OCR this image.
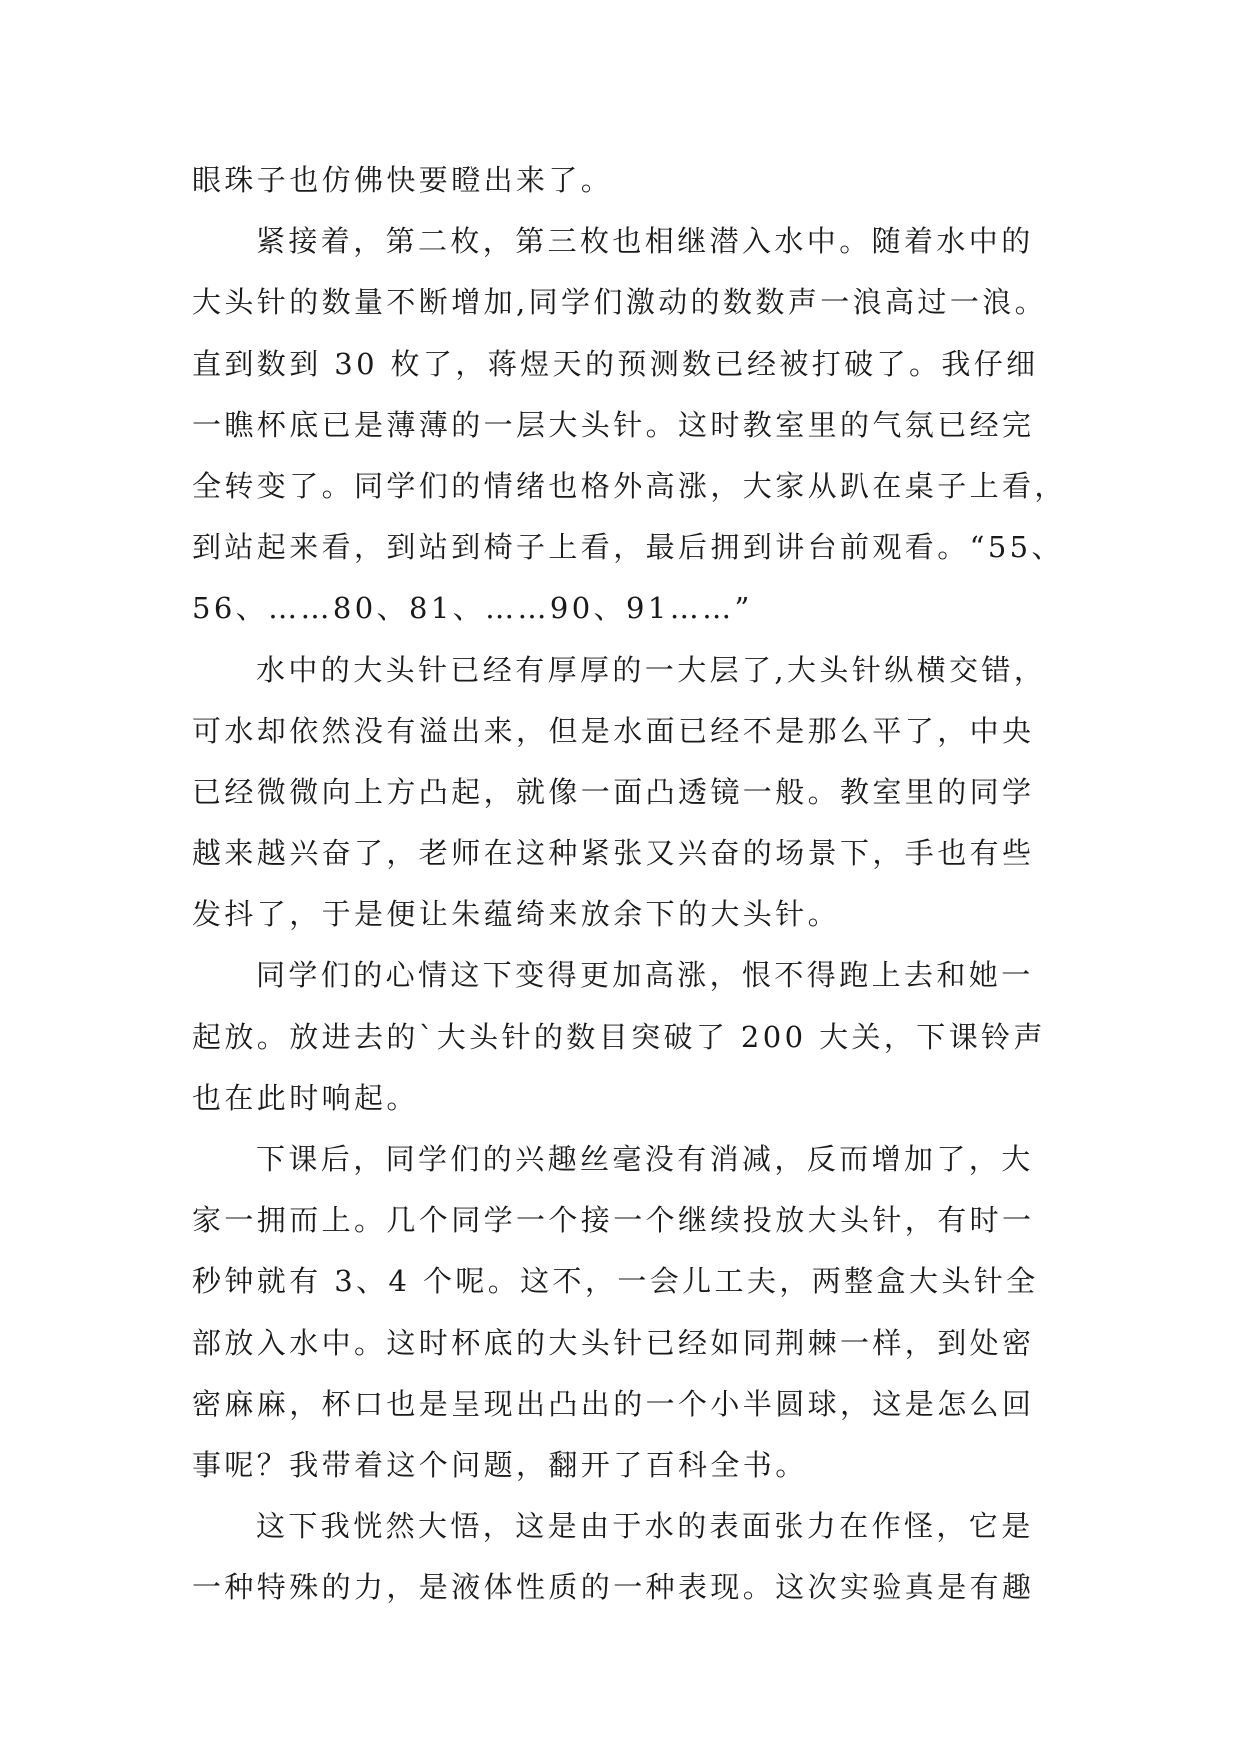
眼珠子也仿佛快要瞪出来了。
紧接着，第二枚，第三枚也相继潜入水中。随着水中的
大头针的数量不断增加,同学们激动的数数声一浪高过一浪。
直到数到 30 枚了，蒋煜天的预测数已经被打破了。我仔细
一瞧杯底已是薄薄的一层大头针。这时教室里的气氛已经完
全转变了。同学们的情绪也格外高涨，大家从趴在桌子上看，
到站起来看，到站到椅子上看，最后拥到讲台前观看。“55、
56、……80、81、……90、91……”
水中的大头针已经有厚厚的一大层了,大头针纵横交错，
可水却依然没有溢出来，但是水面已经不是那么平了，中央
已经微微向上方凸起，就像一面凸透镜一般。教室里的同学
越来越兴奋了，老师在这种紧张又兴奋的场景下，手也有些
发抖了，于是便让朱蕴绮来放余下的大头针。
同学们的心情这下变得更加高涨，恨不得跑上去和她一
起放。放进去的`大头针的数目突破了 200 大关，下课铃声
也在此时响起。
下课后，同学们的兴趣丝毫没有消减，反而增加了，大
家一拥而上。几个同学一个接一个继续投放大头针，有时一
秒钟就有 3、4 个呢。这不，一会儿工夫，两整盒大头针全
部放入水中。这时杯底的大头针已经如同荆棘一样，到处密
密麻麻，杯口也是呈现出凸出的一个小半圆球，这是怎么回
事呢？我带着这个问题，翻开了百科全书。
这下我恍然大悟，这是由于水的表面张力在作怪，它是
一种特殊的力，是液体性质的一种表现。这次实验真是有趣
